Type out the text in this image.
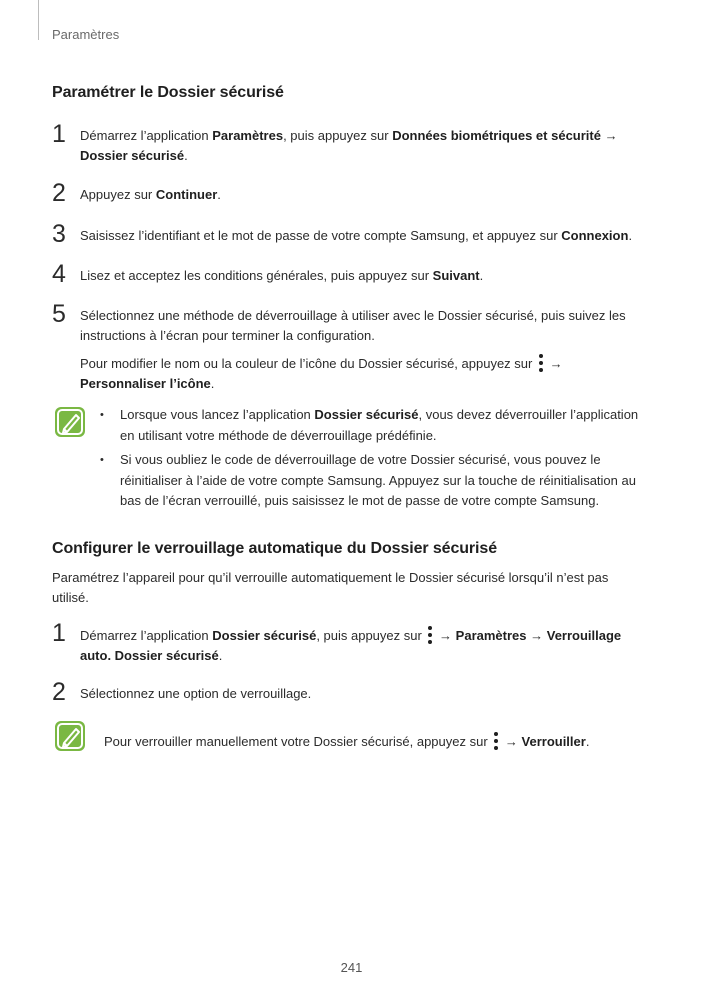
Paramètres
Paramétrer le Dossier sécurisé
1 Démarrez l’application Paramètres, puis appuyez sur Données biométriques et sécurité → Dossier sécurisé.
2 Appuyez sur Continuer.
3 Saisissez l’identifiant et le mot de passe de votre compte Samsung, et appuyez sur Connexion.
4 Lisez et acceptez les conditions générales, puis appuyez sur Suivant.
5 Sélectionnez une méthode de déverrouillage à utiliser avec le Dossier sécurisé, puis suivez les instructions à l’écran pour terminer la configuration.
Pour modifier le nom ou la couleur de l’icône du Dossier sécurisé, appuyez sur
→
Personnaliser l’icône.
• Lorsque vous lancez l’application Dossier sécurisé, vous devez déverrouiller l’application en utilisant votre méthode de déverrouillage prédéfinie.
• Si vous oubliez le code de déverrouillage de votre Dossier sécurisé, vous pouvez le réinitialiser à l’aide de votre compte Samsung. Appuyez sur la touche de réinitialisation au bas de l’écran verrouillé, puis saisissez le mot de passe de votre compte Samsung.
Configurer le verrouillage automatique du Dossier sécurisé
Paramétrez l’appareil pour qu’il verrouille automatiquement le Dossier sécurisé lorsqu’il n’est pas utilisé.
1 Démarrez l’application Dossier sécurisé, puis appuyez sur
→ Paramètres → Verrouillage auto. Dossier sécurisé.
2 Sélectionnez une option de verrouillage.
Pour verrouiller manuellement votre Dossier sécurisé, appuyez sur
→ Verrouiller.
241
